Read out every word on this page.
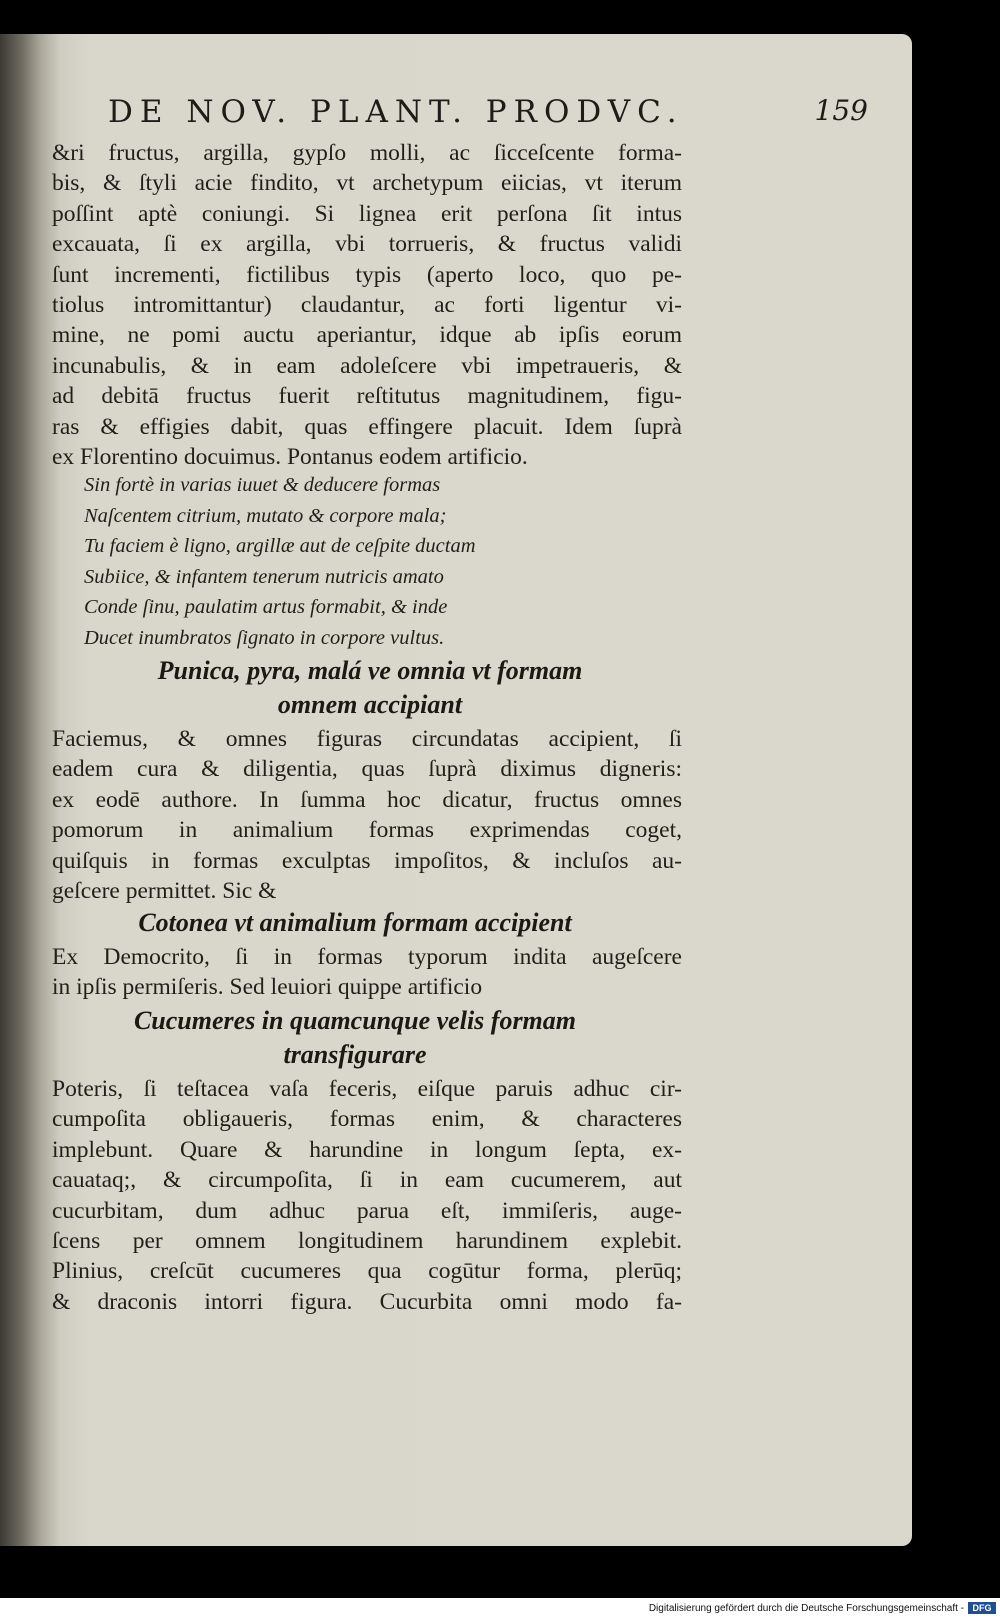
DE NOV. PLANT. PRODVC.	159
&ri fructus, argilla, gypſo molli, ac ſicceſcente forma-
bis, & ſtyli acie findito, vt archetypum eiicias, vt iterum
poſſint aptè coniungi. Si lignea erit perſona ſit intus
excauata, ſi ex argilla, vbi torrueris, & fructus validi
ſunt incrementi, fictilibus typis (aperto loco, quo pe-
tiolus intromittantur) claudantur, ac forti ligentur vi-
mine, ne pomi auctu aperiantur, idque ab ipſis eorum
incunabulis, & in eam adoleſcere vbi impetraueris, &
ad debitā fructus fuerit reſtitutus magnitudinem, figu-
ras & effigies dabit, quas effingere placuit. Idem ſuprà
ex Florentino docuimus. Pontanus eodem artificio.
Sin fortè in varias iuuet & deducere formas
Naſcentem citrium, mutato & corpore mala;
Tu faciem è ligno, argillæ aut de ceſpite ductam
Subiice, & infantem tenerum nutricis amato
Conde ſinu, paulatim artus formabit, & inde
Ducet inumbratos ſignato in corpore vultus.
Punica, pyra, malá ve omnia vt formam
omnem accipiant
Faciemus, & omnes figuras circundatas accipient, ſi
eadem cura & diligentia, quas ſuprà diximus digneris:
ex eodē authore. In ſumma hoc dicatur, fructus omnes
pomorum in animalium formas exprimendas coget,
quiſquis in formas exculptas impoſitos, & incluſos au-
geſcere permittet. Sic &
Cotonea vt animalium formam accipient
Ex Democrito, ſi in formas typorum indita augeſcere
in ipſis permiſeris. Sed leuiori quippe artificio
Cucumeres in quamcunque velis formam
transfigurare
Poteris, ſi teſtacea vaſa feceris, eiſque paruis adhuc cir-
cumpoſita obligaueris, formas enim, & characteres
implebunt. Quare & harundine in longum ſepta, ex-
cauataq;, & circumpoſita, ſi in eam cucumerem, aut
cucurbitam, dum adhuc parua eſt, immiſeris, auge-
ſcens per omnem longitudinem harundinem explebit.
Plinius, creſcūt cucumeres qua cogūtur forma, plerūq;
& draconis intorri figura. Cucurbita omni modo fa-
Digitalisierung gefördert durch die Deutsche Forschungsgemeinschaft - DFG
